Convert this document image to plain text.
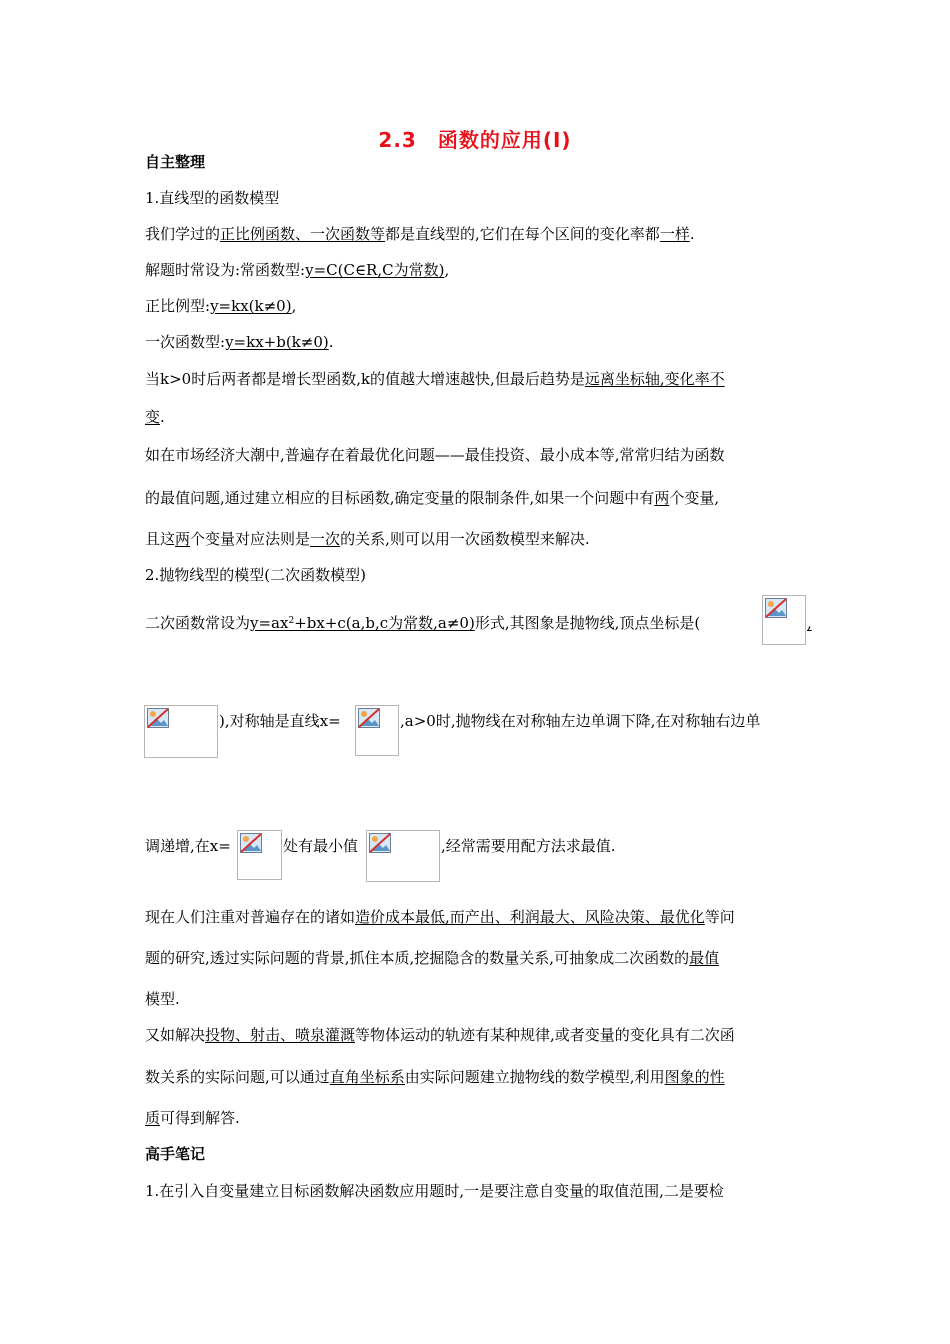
2.3　函数的应用(Ⅰ)
自主整理
1.直线型的函数模型
我们学过的正比例函数、一次函数等都是直线型的,它们在每个区间的变化率都一样.
解题时常设为:常函数型:y=C(C∈R,C为常数),
正比例型:y=kx(k≠0),
一次函数型:y=kx+b(k≠0).
当k>0时后两者都是增长型函数,k的值越大增速越快,但最后趋势是远离坐标轴,变化率不
变.
如在市场经济大潮中,普遍存在着最优化问题——最佳投资、最小成本等,常常归结为函数
的最值问题,通过建立相应的目标函数,确定变量的限制条件,如果一个问题中有两个变量,
且这两个变量对应法则是一次的关系,则可以用一次函数模型来解决.
2.抛物线型的模型(二次函数模型)
二次函数常设为$y=ax^2+bx+c(a,b,c$为常数,a≠0)形式,其图象是抛物线,顶点坐标是(	,
),对称轴是直线x=	,a>0时,抛物线在对称轴左边单调下降,在对称轴右边单
调递增,在x=	处有最小值	,经常需要用配方法求最值.
现在人们注重对普遍存在的诸如造价成本最低,而产出、利润最大、风险决策、最优化等问
题的研究,透过实际问题的背景,抓住本质,挖掘隐含的数量关系,可抽象成二次函数的最值
模型.
又如解决投物、射击、喷泉灌溉等物体运动的轨迹有某种规律,或者变量的变化具有二次函
数关系的实际问题,可以通过直角坐标系由实际问题建立抛物线的数学模型,利用图象的性
质可得到解答.
高手笔记
1.在引入自变量建立目标函数解决函数应用题时,一是要注意自变量的取值范围,二是要检
